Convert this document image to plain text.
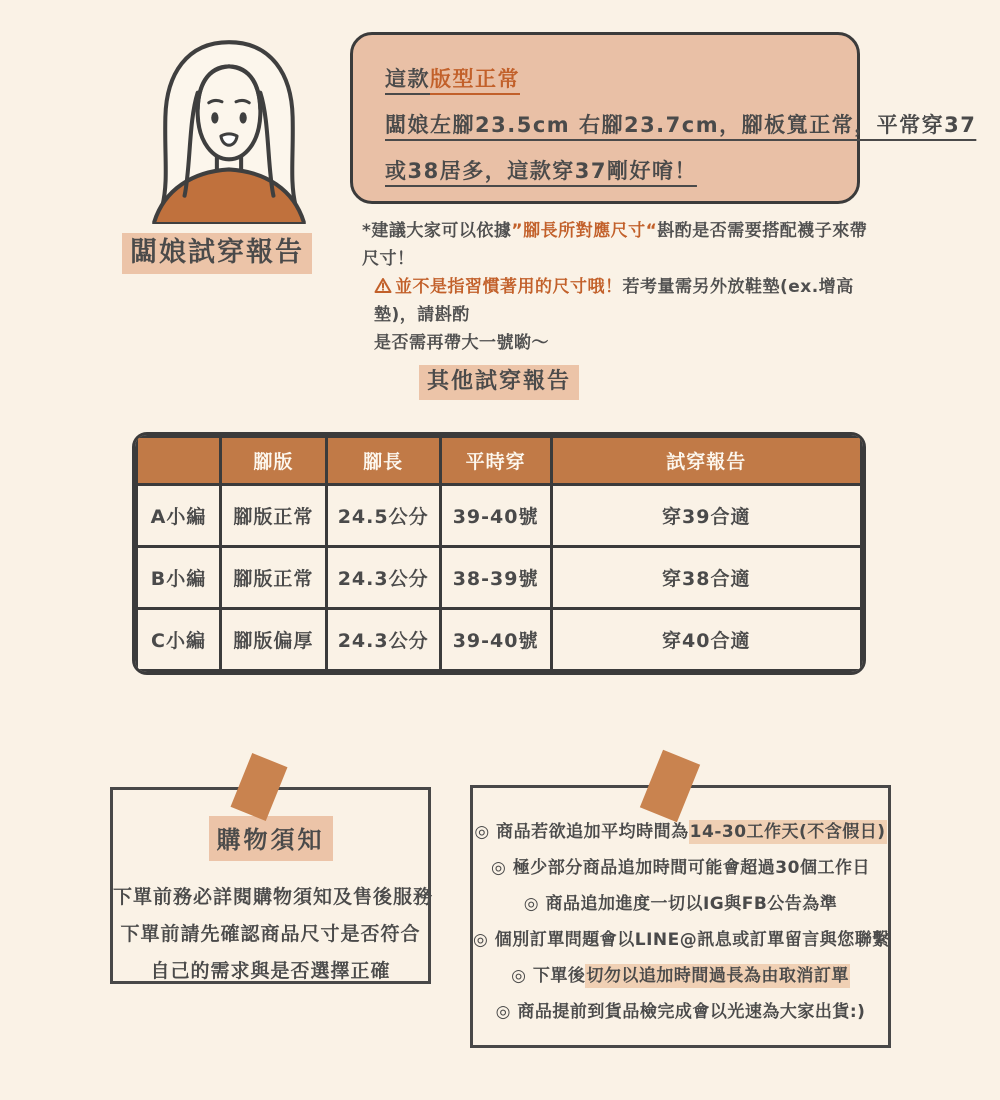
闆娘試穿報告
這款版型正常
闆娘左腳23.5cm 右腳23.7cm，腳板寬正常，平常穿37
或38居多，這款穿37剛好唷！
*建議大家可以依據”腳長所對應尺寸“斟酌是否需要搭配襪子來帶尺寸！
並不是指習慣著用的尺寸哦！若考量需另外放鞋墊(ex.增高墊)，請斟酌
是否需再帶大一號喲～
其他試穿報告
	腳版	腳長	平時穿	試穿報告
A小編	腳版正常	24.5公分	39-40號	穿39合適
B小編	腳版正常	24.3公分	38-39號	穿38合適
C小編	腳版偏厚	24.3公分	39-40號	穿40合適
購物須知
下單前務必詳閱購物須知及售後服務
下單前請先確認商品尺寸是否符合
自己的需求與是否選擇正確
◎ 商品若欲追加平均時間為14-30工作天(不含假日)
◎ 極少部分商品追加時間可能會超過30個工作日
◎ 商品追加進度一切以IG與FB公告為準
◎ 個別訂單問題會以LINE@訊息或訂單留言與您聯繫
◎ 下單後切勿以追加時間過長為由取消訂單
◎ 商品提前到貨品檢完成會以光速為大家出貨:)
